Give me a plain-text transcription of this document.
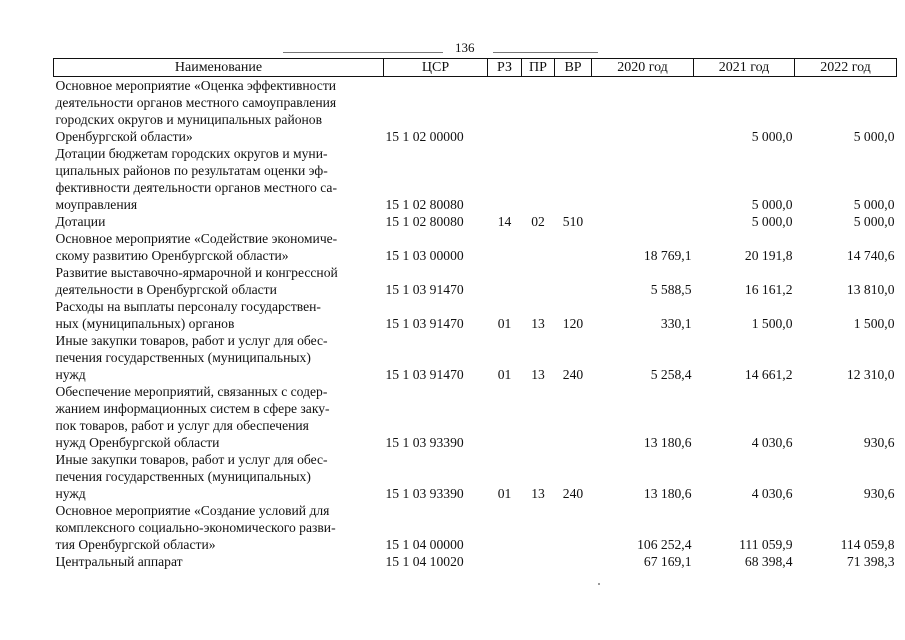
136
Наименование	ЦСР	РЗ	ПР	ВР	2020 год	2021 год	2022 год

Основное мероприятие «Оценка эффективности
деятельности органов местного самоуправления
городских округов и муниципальных районов
Оренбургской области»	15 1 02 00000					5 000,0	5 000,0

Дотации бюджетам городских округов и муни-
ципальных районов по результатам оценки эф-
фективности деятельности органов местного са-
моуправления	15 1 02 80080					5 000,0	5 000,0

Дотации	15 1 02 80080	14	02	510		5 000,0	5 000,0

Основное мероприятие «Содействие экономиче-
скому развитию Оренбургской области»	15 1 03 00000				18 769,1	20 191,8	14 740,6

Развитие выставочно-ярмарочной и конгрессной
деятельности в Оренбургской области	15 1 03 91470				5 588,5	16 161,2	13 810,0

Расходы на выплаты персоналу государствен-
ных (муниципальных) органов	15 1 03 91470	01	13	120	330,1	1 500,0	1 500,0

Иные закупки товаров, работ и услуг для обес-
печения государственных (муниципальных)
нужд	15 1 03 91470	01	13	240	5 258,4	14 661,2	12 310,0

Обеспечение мероприятий, связанных с содер-
жанием информационных систем в сфере заку-
пок товаров, работ и услуг для обеспечения
нужд Оренбургской области	15 1 03 93390				13 180,6	4 030,6	930,6

Иные закупки товаров, работ и услуг для обес-
печения государственных (муниципальных)
нужд	15 1 03 93390	01	13	240	13 180,6	4 030,6	930,6

Основное мероприятие «Создание условий для
комплексного социально-экономического разви-
тия Оренбургской области»	15 1 04 00000				106 252,4	111 059,9	114 059,8

Центральный аппарат	15 1 04 10020				67 169,1	68 398,4	71 398,3
